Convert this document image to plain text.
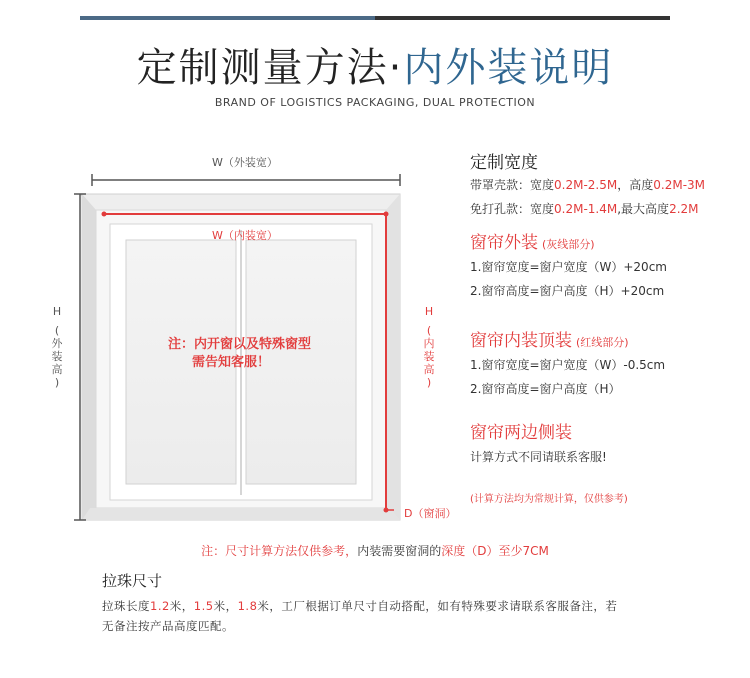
定制测量方法·内外装说明
BRAND OF LOGISTICS PACKAGING, DUAL PROTECTION
W（外装宽）
W（内装宽）
H
(
外
装
高
)
H
(
内
装
高
)
D（窗洞）
注：内开窗以及特殊窗型
需告知客服！
定制宽度
带罩壳款：宽度0.2M-2.5M，高度0.2M-3M
免打孔款：宽度0.2M-1.4M,最大高度2.2M
窗帘外装 (灰线部分)
1.窗帘宽度=窗户宽度（W）+20cm
2.窗帘高度=窗户高度（H）+20cm
窗帘内装顶装 (红线部分)
1.窗帘宽度=窗户宽度（W）-0.5cm
2.窗帘高度=窗户高度（H）
窗帘两边侧装
计算方式不同请联系客服!
(计算方法均为常规计算，仅供参考)
注：尺寸计算方法仅供参考，内装需要窗洞的深度（D）至少7CM
拉珠尺寸
拉珠长度1.2米，1.5米，1.8米，工厂根据订单尺寸自动搭配，如有特殊要求请联系客服备注，若
无备注按产品高度匹配。
